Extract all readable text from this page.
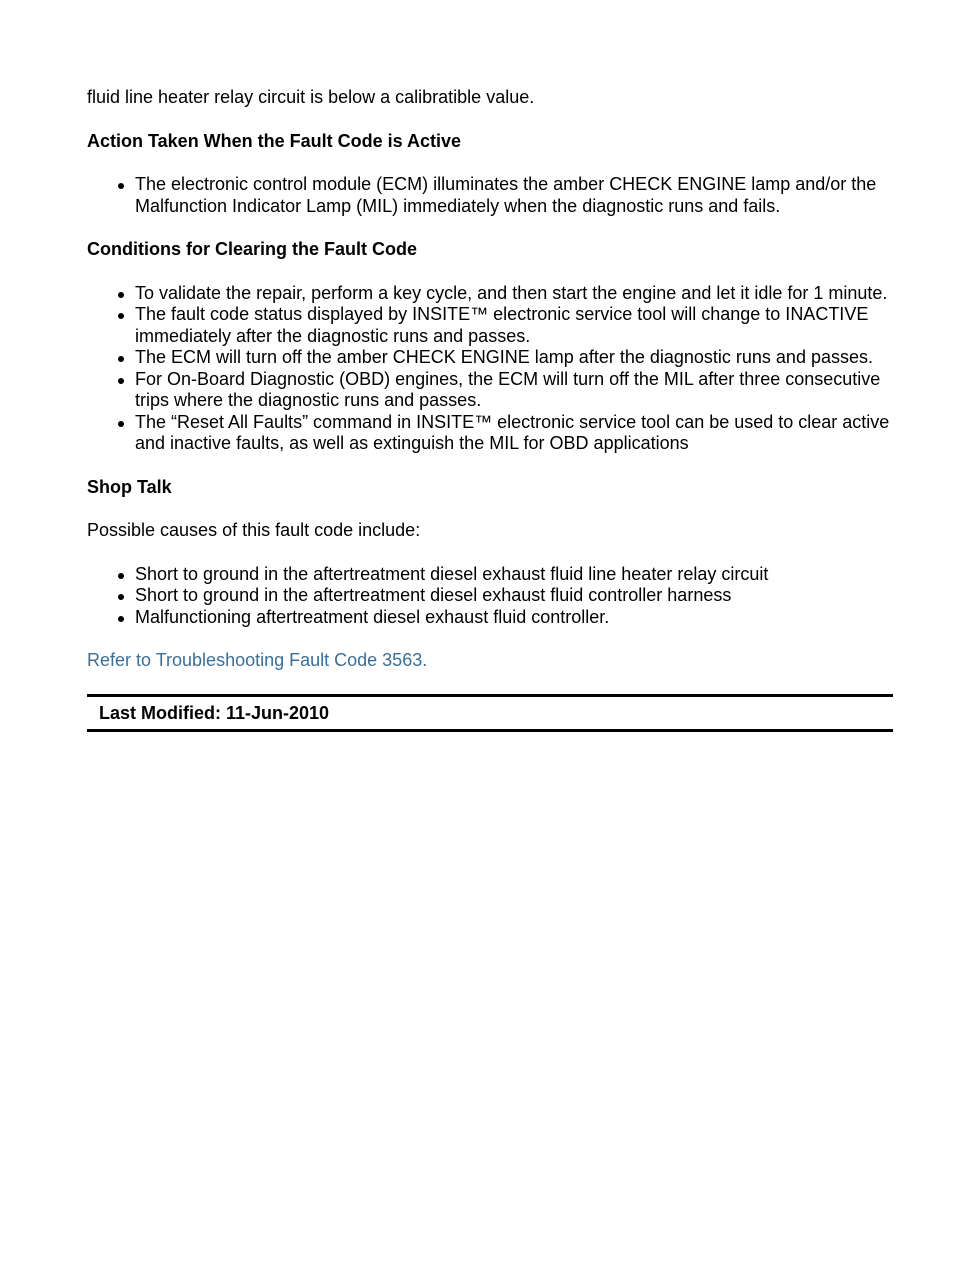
fluid line heater relay circuit is below a calibratible value.

Action Taken When the Fault Code is Active
The electronic control module (ECM) illuminates the amber CHECK ENGINE lamp and/or the Malfunction Indicator Lamp (MIL) immediately when the diagnostic runs and fails.
Conditions for Clearing the Fault Code
To validate the repair, perform a key cycle, and then start the engine and let it idle for 1 minute.
The fault code status displayed by INSITE™ electronic service tool will change to INACTIVE immediately after the diagnostic runs and passes.
The ECM will turn off the amber CHECK ENGINE lamp after the diagnostic runs and passes.
For On-Board Diagnostic (OBD) engines, the ECM will turn off the MIL after three consecutive trips where the diagnostic runs and passes.
The “Reset All Faults” command in INSITE™ electronic service tool can be used to clear active and inactive faults, as well as extinguish the MIL for OBD applications
Shop Talk

Possible causes of this fault code include:

Short to ground in the aftertreatment diesel exhaust fluid line heater relay circuit
Short to ground in the aftertreatment diesel exhaust fluid controller harness
Malfunctioning aftertreatment diesel exhaust fluid controller.
Refer to Troubleshooting Fault Code 3563.
Last Modified: 11-Jun-2010
